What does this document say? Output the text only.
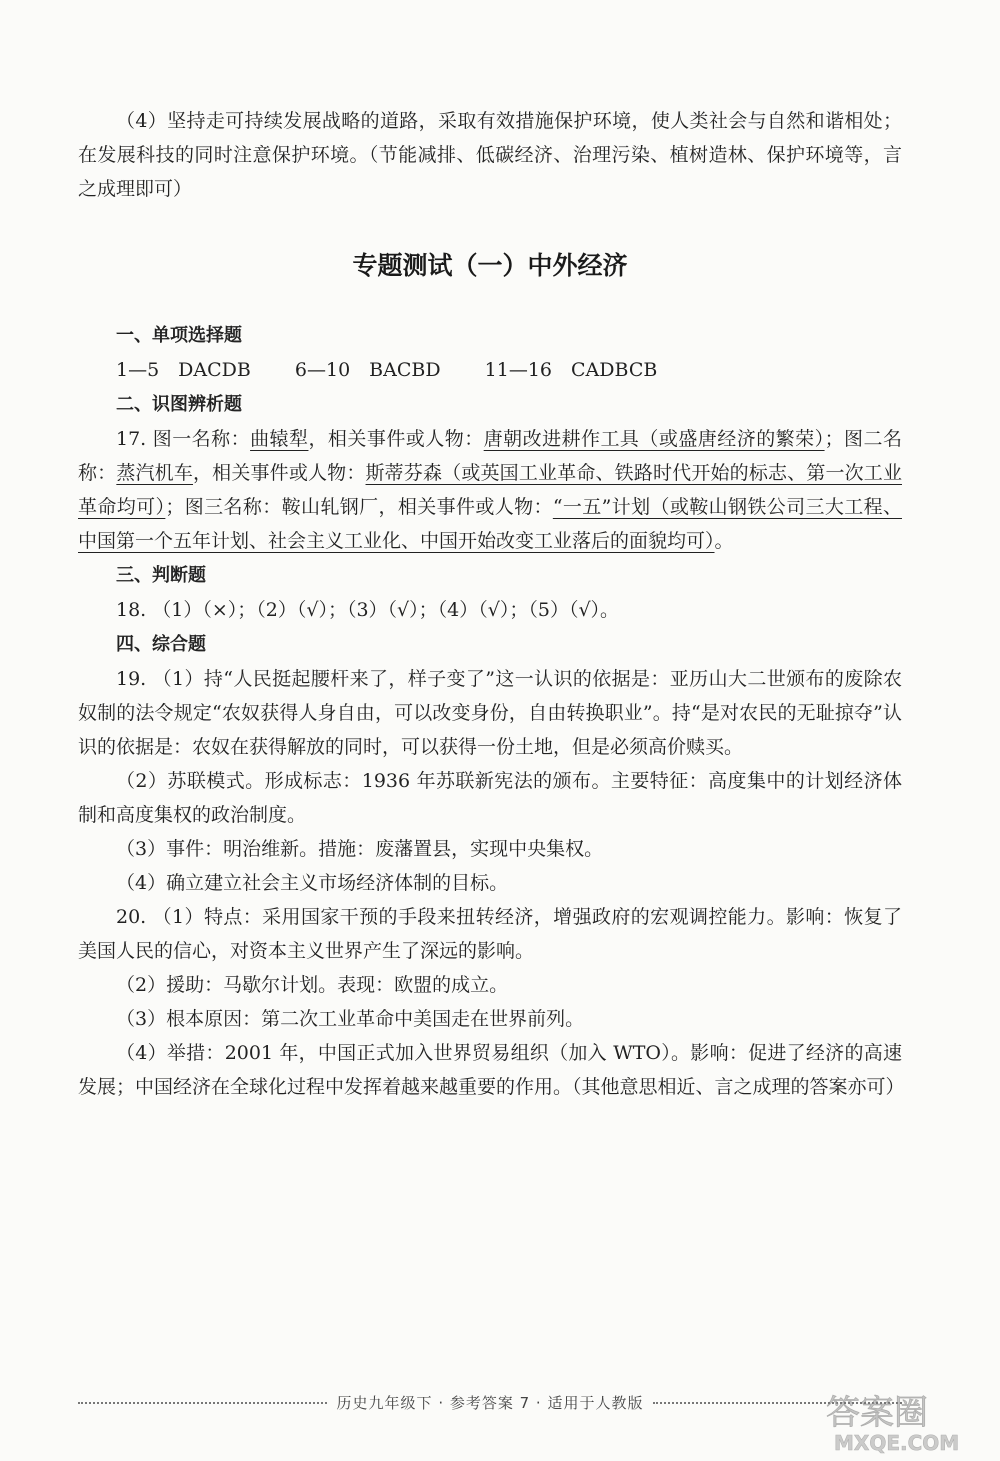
（4）坚持走可持续发展战略的道路，采取有效措施保护环境，使人类社会与自然和谐相处；在发展科技的同时注意保护环境。（节能减排、低碳经济、治理污染、植树造林、保护环境等，言之成理即可）

专题测试（一）中外经济
一、单项选择题

1—5　DACDB 6—10　BACBD 11—16　CADBCB

二、识图辨析题

17. 图一名称：曲辕犁，相关事件或人物：唐朝改进耕作工具（或盛唐经济的繁荣）；图二名称：蒸汽机车，相关事件或人物：斯蒂芬森（或英国工业革命、铁路时代开始的标志、第一次工业革命均可）；图三名称：鞍山轧钢厂，相关事件或人物：“一五”计划（或鞍山钢铁公司三大工程、中国第一个五年计划、社会主义工业化、中国开始改变工业落后的面貌均可）。

三、判断题

18. （1）（×）；（2）（√）；（3）（√）；（4）（√）；（5）（√）。

四、综合题

19. （1）持“人民挺起腰杆来了，样子变了”这一认识的依据是：亚历山大二世颁布的废除农奴制的法令规定“农奴获得人身自由，可以改变身份，自由转换职业”。持“是对农民的无耻掠夺”认识的依据是：农奴在获得解放的同时，可以获得一份土地，但是必须高价赎买。

（2）苏联模式。形成标志：1936 年苏联新宪法的颁布。主要特征：高度集中的计划经济体制和高度集权的政治制度。

（3）事件：明治维新。措施：废藩置县，实现中央集权。

（4）确立建立社会主义市场经济体制的目标。

20. （1）特点：采用国家干预的手段来扭转经济，增强政府的宏观调控能力。影响：恢复了美国人民的信心，对资本主义世界产生了深远的影响。

（2）援助：马歇尔计划。表现：欧盟的成立。

（3）根本原因：第二次工业革命中美国走在世界前列。

（4）举措：2001 年，中国正式加入世界贸易组织（加入 WTO）。影响：促进了经济的高速发展；中国经济在全球化过程中发挥着越来越重要的作用。（其他意思相近、言之成理的答案亦可）

历史九年级下 · 参考答案 7 · 适用于人教版	答案圈
MXQE.COM
